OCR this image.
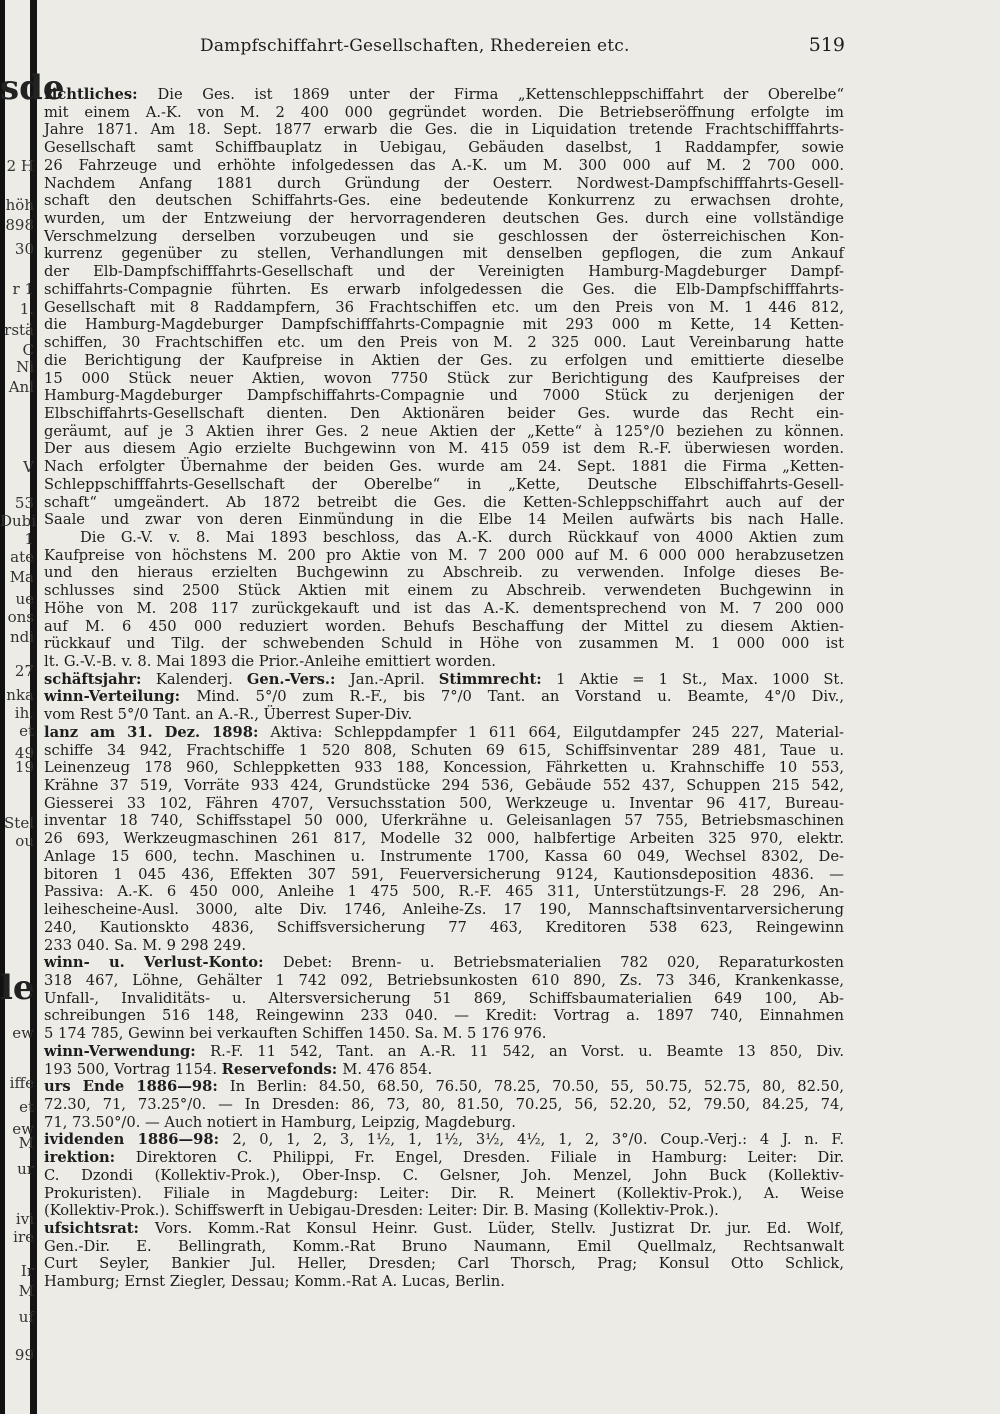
sde
2 H
höh
898
30
r 1
1.
rstä
C
Ni
Anl
V
53
Dubi
1
ate
Ma
ue
ons
ndi
27
nka
ih.
et
49
19
Stel
ou
le
ew
iffe
et
M
ew
ur
ivi
ire
Ir
M
uf
99
Dampfschiffahrt-Gesellschaften, Rhedereien etc.	519
richtliches: Die Ges. ist 1869 unter der Firma „Kettenschleppschiffahrt der Oberelbe“
mit einem A.-K. von M. 2 400 000 gegründet worden. Die Betriebseröffnung erfolgte im
Jahre 1871. Am 18. Sept. 1877 erwarb die Ges. die in Liquidation tretende Frachtschifffahrts-
Gesellschaft samt Schiffbauplatz in Uebigau, Gebäuden daselbst, 1 Raddampfer, sowie
26 Fahrzeuge und erhöhte infolgedessen das A.-K. um M. 300 000 auf M. 2 700 000.
Nachdem Anfang 1881 durch Gründung der Oesterr. Nordwest-Dampfschifffahrts-Gesell-
schaft den deutschen Schiffahrts-Ges. eine bedeutende Konkurrenz zu erwachsen drohte,
wurden, um der Entzweiung der hervorragenderen deutschen Ges. durch eine vollständige
Verschmelzung derselben vorzubeugen und sie geschlossen der österreichischen Kon-
kurrenz gegenüber zu stellen, Verhandlungen mit denselben gepflogen, die zum Ankauf
der Elb-Dampfschifffahrts-Gesellschaft und der Vereinigten Hamburg-Magdeburger Dampf-
schiffahrts-Compagnie führten. Es erwarb infolgedessen die Ges. die Elb-Dampfschifffahrts-
Gesellschaft mit 8 Raddampfern, 36 Frachtschiffen etc. um den Preis von M. 1 446 812,
die Hamburg-Magdeburger Dampfschifffahrts-Compagnie mit 293 000 m Kette, 14 Ketten-
schiffen, 30 Frachtschiffen etc. um den Preis von M. 2 325 000. Laut Vereinbarung hatte
die Berichtigung der Kaufpreise in Aktien der Ges. zu erfolgen und emittierte dieselbe
15 000 Stück neuer Aktien, wovon 7750 Stück zur Berichtigung des Kaufpreises der
Hamburg-Magdeburger Dampfschiffahrts-Compagnie und 7000 Stück zu derjenigen der
Elbschiffahrts-Gesellschaft dienten. Den Aktionären beider Ges. wurde das Recht ein-
geräumt, auf je 3 Aktien ihrer Ges. 2 neue Aktien der „Kette“ à 125°/0 beziehen zu können.
Der aus diesem Agio erzielte Buchgewinn von M. 415 059 ist dem R.-F. überwiesen worden.
Nach erfolgter Übernahme der beiden Ges. wurde am 24. Sept. 1881 die Firma „Ketten-
Schleppschifffahrts-Gesellschaft der Oberelbe“ in „Kette, Deutsche Elbschiffahrts-Gesell-
schaft“ umgeändert. Ab 1872 betreibt die Ges. die Ketten-Schleppschiffahrt auch auf der
Saale und zwar von deren Einmündung in die Elbe 14 Meilen aufwärts bis nach Halle.
Die G.-V. v. 8. Mai 1893 beschloss, das A.-K. durch Rückkauf von 4000 Aktien zum
Kaufpreise von höchstens M. 200 pro Aktie von M. 7 200 000 auf M. 6 000 000 herabzusetzen
und den hieraus erzielten Buchgewinn zu Abschreib. zu verwenden. Infolge dieses Be-
schlusses sind 2500 Stück Aktien mit einem zu Abschreib. verwendeten Buchgewinn in
Höhe von M. 208 117 zurückgekauft und ist das A.-K. dementsprechend von M. 7 200 000
auf M. 6 450 000 reduziert worden. Behufs Beschaffung der Mittel zu diesem Aktien-
rückkauf und Tilg. der schwebenden Schuld in Höhe von zusammen M. 1 000 000 ist
lt. G.-V.-B. v. 8. Mai 1893 die Prior.-Anleihe emittiert worden.
schäftsjahr: Kalenderj. Gen.-Vers.: Jan.-April. Stimmrecht: 1 Aktie = 1 St., Max. 1000 St.
winn-Verteilung: Mind. 5°/0 zum R.-F., bis 7°/0 Tant. an Vorstand u. Beamte, 4°/0 Div.,
vom Rest 5°/0 Tant. an A.-R., Überrest Super-Div.
lanz am 31. Dez. 1898: Aktiva: Schleppdampfer 1 611 664, Eilgutdampfer 245 227, Material-
schiffe 34 942, Frachtschiffe 1 520 808, Schuten 69 615, Schiffsinventar 289 481, Taue u.
Leinenzeug 178 960, Schleppketten 933 188, Koncession, Fährketten u. Krahnschiffe 10 553,
Krähne 37 519, Vorräte 933 424, Grundstücke 294 536, Gebäude 552 437, Schuppen 215 542,
Giesserei 33 102, Fähren 4707, Versuchsstation 500, Werkzeuge u. Inventar 96 417, Bureau-
inventar 18 740, Schiffsstapel 50 000, Uferkrähne u. Geleisanlagen 57 755, Betriebsmaschinen
26 693, Werkzeugmaschinen 261 817, Modelle 32 000, halbfertige Arbeiten 325 970, elektr.
Anlage 15 600, techn. Maschinen u. Instrumente 1700, Kassa 60 049, Wechsel 8302, De-
bitoren 1 045 436, Effekten 307 591, Feuerversicherung 9124, Kautionsdeposition 4836. —
Passiva: A.-K. 6 450 000, Anleihe 1 475 500, R.-F. 465 311, Unterstützungs-F. 28 296, An-
leihescheine-Ausl. 3000, alte Div. 1746, Anleihe-Zs. 17 190, Mannschaftsinventarversicherung
240, Kautionskto 4836, Schiffsversicherung 77 463, Kreditoren 538 623, Reingewinn
233 040. Sa. M. 9 298 249.
winn- u. Verlust-Konto: Debet: Brenn- u. Betriebsmaterialien 782 020, Reparaturkosten
318 467, Löhne, Gehälter 1 742 092, Betriebsunkosten 610 890, Zs. 73 346, Krankenkasse,
Unfall-, Invaliditäts- u. Altersversicherung 51 869, Schiffsbaumaterialien 649 100, Ab-
schreibungen 516 148, Reingewinn 233 040. — Kredit: Vortrag a. 1897 740, Einnahmen
5 174 785, Gewinn bei verkauften Schiffen 1450. Sa. M. 5 176 976.
winn-Verwendung: R.-F. 11 542, Tant. an A.-R. 11 542, an Vorst. u. Beamte 13 850, Div.
193 500, Vortrag 1154. Reservefonds: M. 476 854.
urs Ende 1886—98: In Berlin: 84.50, 68.50, 76.50, 78.25, 70.50, 55, 50.75, 52.75, 80, 82.50,
72.30, 71, 73.25°/0. — In Dresden: 86, 73, 80, 81.50, 70.25, 56, 52.20, 52, 79.50, 84.25, 74,
71, 73.50°/0. — Auch notiert in Hamburg, Leipzig, Magdeburg.
ividenden 1886—98: 2, 0, 1, 2, 3, 1½, 1, 1½, 3½, 4½, 1, 2, 3°/0. Coup.-Verj.: 4 J. n. F.
irektion: Direktoren C. Philippi, Fr. Engel, Dresden. Filiale in Hamburg: Leiter: Dir.
C. Dzondi (Kollektiv-Prok.), Ober-Insp. C. Gelsner, Joh. Menzel, John Buck (Kollektiv-
Prokuristen). Filiale in Magdeburg: Leiter: Dir. R. Meinert (Kollektiv-Prok.), A. Weise
(Kollektiv-Prok.). Schiffswerft in Uebigau-Dresden: Leiter: Dir. B. Masing (Kollektiv-Prok.).
ufsichtsrat: Vors. Komm.-Rat Konsul Heinr. Gust. Lüder, Stellv. Justizrat Dr. jur. Ed. Wolf,
Gen.-Dir. E. Bellingrath, Komm.-Rat Bruno Naumann, Emil Quellmalz, Rechtsanwalt
Curt Seyler, Bankier Jul. Heller, Dresden; Carl Thorsch, Prag; Konsul Otto Schlick,
Hamburg; Ernst Ziegler, Dessau; Komm.-Rat A. Lucas, Berlin.
